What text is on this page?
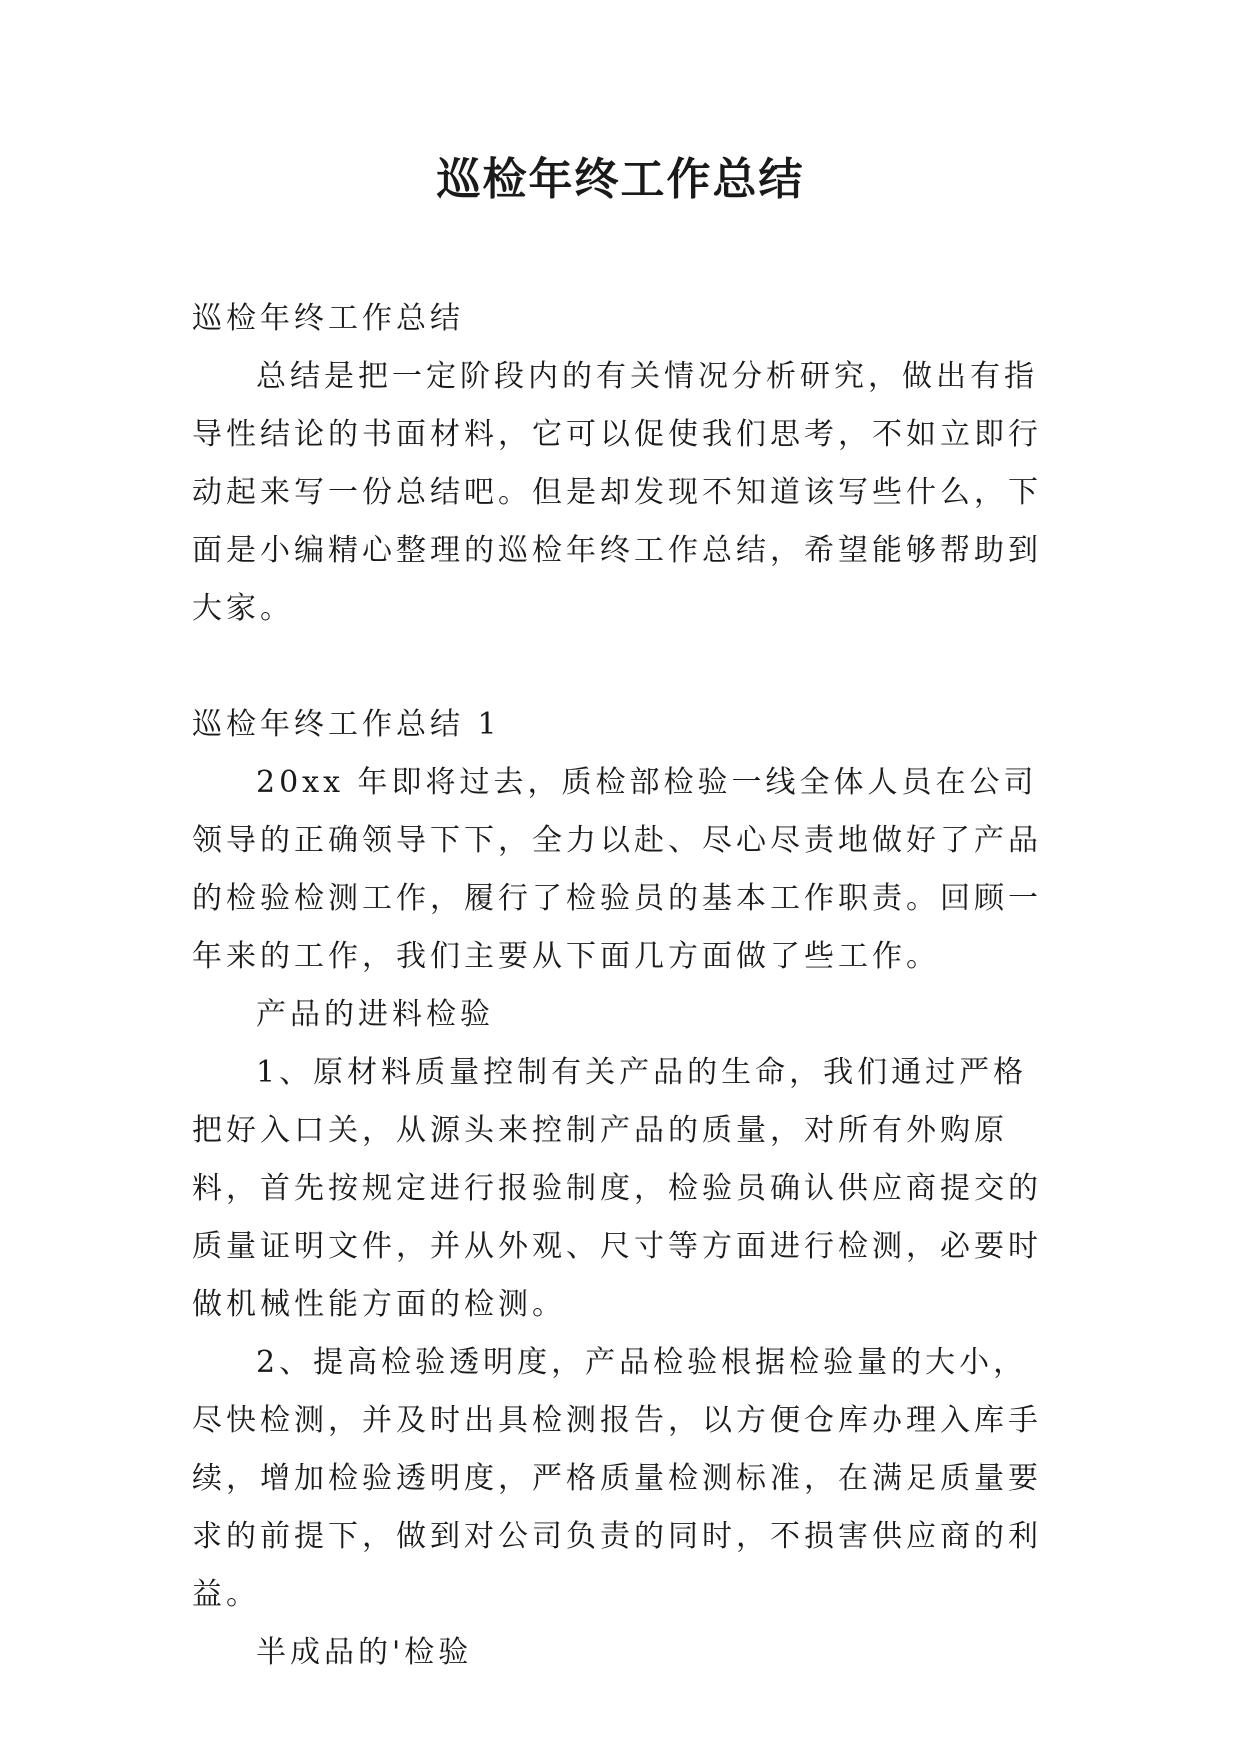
巡检年终工作总结

巡检年终工作总结

总结是把一定阶段内的有关情况分析研究，做出有指导性结论的书面材料，它可以促使我们思考，不如立即行动起来写一份总结吧。但是却发现不知道该写些什么，下面是小编精心整理的巡检年终工作总结，希望能够帮助到大家。

巡检年终工作总结 1

20xx 年即将过去，质检部检验一线全体人员在公司领导的正确领导下下，全力以赴、尽心尽责地做好了产品的检验检测工作，履行了检验员的基本工作职责。回顾一年来的工作，我们主要从下面几方面做了些工作。

产品的进料检验

1、原材料质量控制有关产品的生命，我们通过严格把好入口关，从源头来控制产品的质量，对所有外购原料，首先按规定进行报验制度，检验员确认供应商提交的质量证明文件，并从外观、尺寸等方面进行检测，必要时做机械性能方面的检测。

2、提高检验透明度，产品检验根据检验量的大小，尽快检测，并及时出具检测报告，以方便仓库办理入库手续，增加检验透明度，严格质量检测标准，在满足质量要求的前提下，做到对公司负责的同时，不损害供应商的利益。

半成品的'检验
